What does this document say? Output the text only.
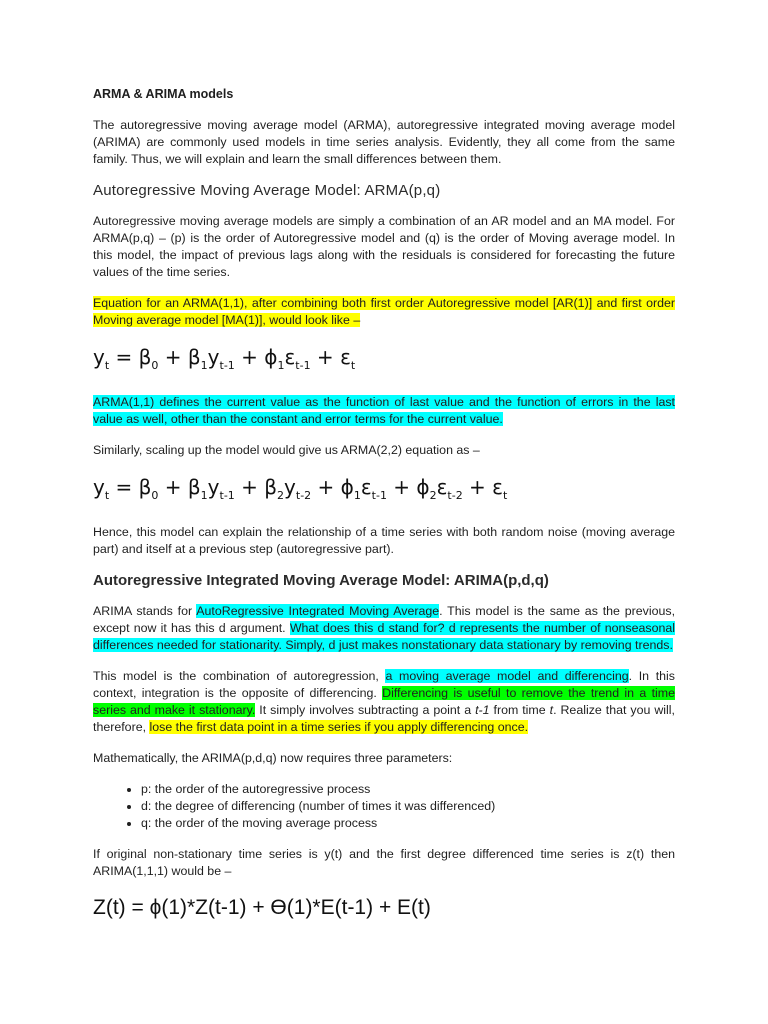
ARMA & ARIMA models
The autoregressive moving average model (ARMA), autoregressive integrated moving average model (ARIMA) are commonly used models in time series analysis. Evidently, they all come from the same family. Thus, we will explain and learn the small differences between them.
Autoregressive Moving Average Model: ARMA(p,q)
Autoregressive moving average models are simply a combination of an AR model and an MA model. For ARMA(p,q) – (p) is the order of Autoregressive model and (q) is the order of Moving average model. In this model, the impact of previous lags along with the residuals is considered for forecasting the future values of the time series.
Equation for an ARMA(1,1), after combining both first order Autoregressive model [AR(1)] and first order Moving average model [MA(1)], would look like –
$y_t = \beta_0 + \beta_1y_{t-1} + \phi_1\varepsilon_{t-1} + \varepsilon_t$
ARMA(1,1) defines the current value as the function of last value and the function of errors in the last value as well, other than the constant and error terms for the current value.
Similarly, scaling up the model would give us ARMA(2,2) equation as –
$y_t = \beta_0 + \beta_1y_{t-1} + \beta_2y_{t-2} + \phi_1\varepsilon_{t-1} + \phi_2\varepsilon_{t-2} + \varepsilon_t$
Hence, this model can explain the relationship of a time series with both random noise (moving average part) and itself at a previous step (autoregressive part).
Autoregressive Integrated Moving Average Model: ARIMA(p,d,q)
ARIMA stands for AutoRegressive Integrated Moving Average. This model is the same as the previous, except now it has this d argument. What does this d stand for? d represents the number of nonseasonal differences needed for stationarity. Simply, d just makes nonstationary data stationary by removing trends.
This model is the combination of autoregression, a moving average model and differencing. In this context, integration is the opposite of differencing. Differencing is useful to remove the trend in a time series and make it stationary. It simply involves subtracting a point a t-1 from time t. Realize that you will, therefore, lose the first data point in a time series if you apply differencing once.
Mathematically, the ARIMA(p,d,q) now requires three parameters:
• p: the order of the autoregressive process
• d: the degree of differencing (number of times it was differenced)
• q: the order of the moving average process
If original non-stationary time series is y(t) and the first degree differenced time series is z(t) then ARIMA(1,1,1) would be –
Z(t) = ϕ(1)*Z(t-1) + ϴ(1)*E(t-1) + E(t)
